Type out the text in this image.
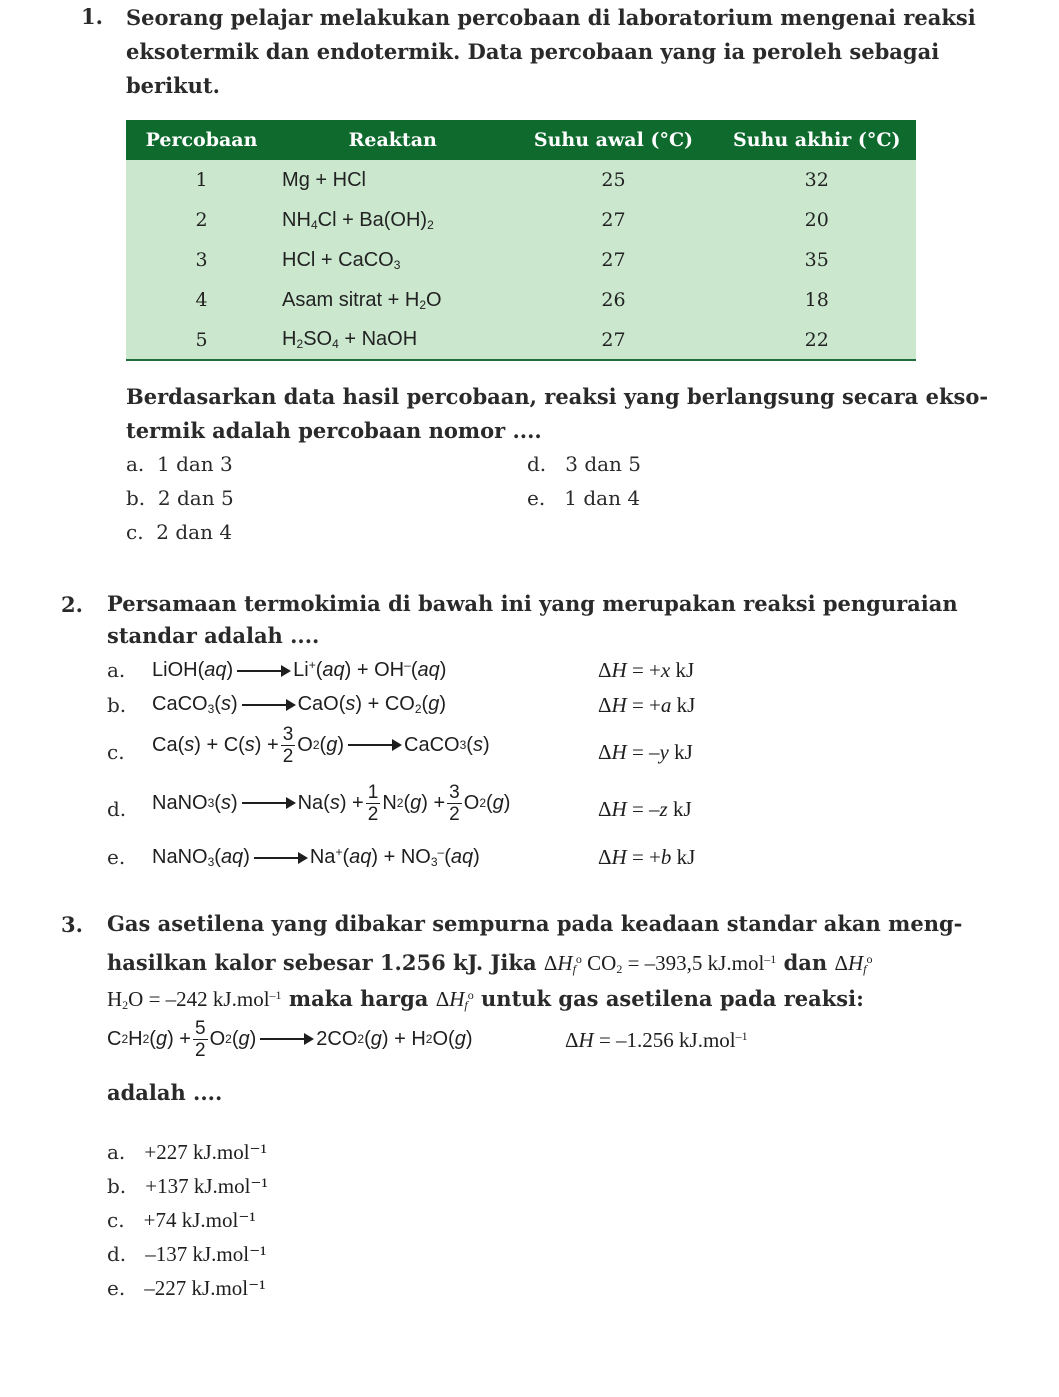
1. Seorang pelajar melakukan percobaan di laboratorium mengenai reaksi
eksotermik dan endotermik. Data percobaan yang ia peroleh sebagai
berikut.
Percobaan	Reaktan	Suhu awal (°C)	Suhu akhir (°C)
1	Mg + HCl	25	32
2	$NH_4Cl + Ba(OH)_2$	27	20
3	HCl + CaCO$_3$	27	35
4	Asam sitrat + $H_2O$	26	18
5	$H_2SO_4$ + NaOH	27	22
Berdasarkan data hasil percobaan, reaksi yang berlangsung secara ekso-
termik adalah percobaan nomor ....
a. 1 dan 3
b. 2 dan 5
c. 2 dan 4
d. 3 dan 5
e. 1 dan 4
2. Persamaan termokimia di bawah ini yang merupakan reaksi penguraian
standar adalah ....
a. LiOH(aq)	Li+(aq) + OH–(aq)	ΔH = +x kJ
b. CaCO$_3$(s)	$CaO(s) + CO_2(g)$	ΔH = +a kJ
c. Ca( s ) + C( s ) + $\frac{3}{2}$ O 2 ( g )	CaCO 3 ( s )	ΔH = –y kJ
d. NaNO 3 ( s )	Na( s ) + $\frac{1}{2}$ N 2 ( g ) + $\frac{3}{2}$ O 2 ( g )	ΔH = –z kJ
e. NaNO$_3$(aq)	$Na^+(aq) + NO_3^-(aq)$	ΔH = +b kJ
3. Gas asetilena yang dibakar sempurna pada keadaan standar akan meng-
hasilkan kalor sebesar 1.256 kJ. Jika $\Delta H_f^o$ $CO_2 = -393,5$ kJ.mol$^{-1}$ dan $\Delta H_f^o$
$H_2O = -242$ kJ.mol$^{-1}$ maka harga $\Delta H_f^o$ untuk gas asetilena pada reaksi:
C 2 H 2 ( g ) + $\frac{5}{2}$ O 2 ( g )	2CO 2 ( g ) + H 2 O( g )	ΔH = –1.256 kJ.mol$^{-1}$
adalah ....
a. +227 kJ.mol⁻¹
b. +137 kJ.mol⁻¹
c. +74 kJ.mol⁻¹
d. –137 kJ.mol⁻¹
e. –227 kJ.mol⁻¹
